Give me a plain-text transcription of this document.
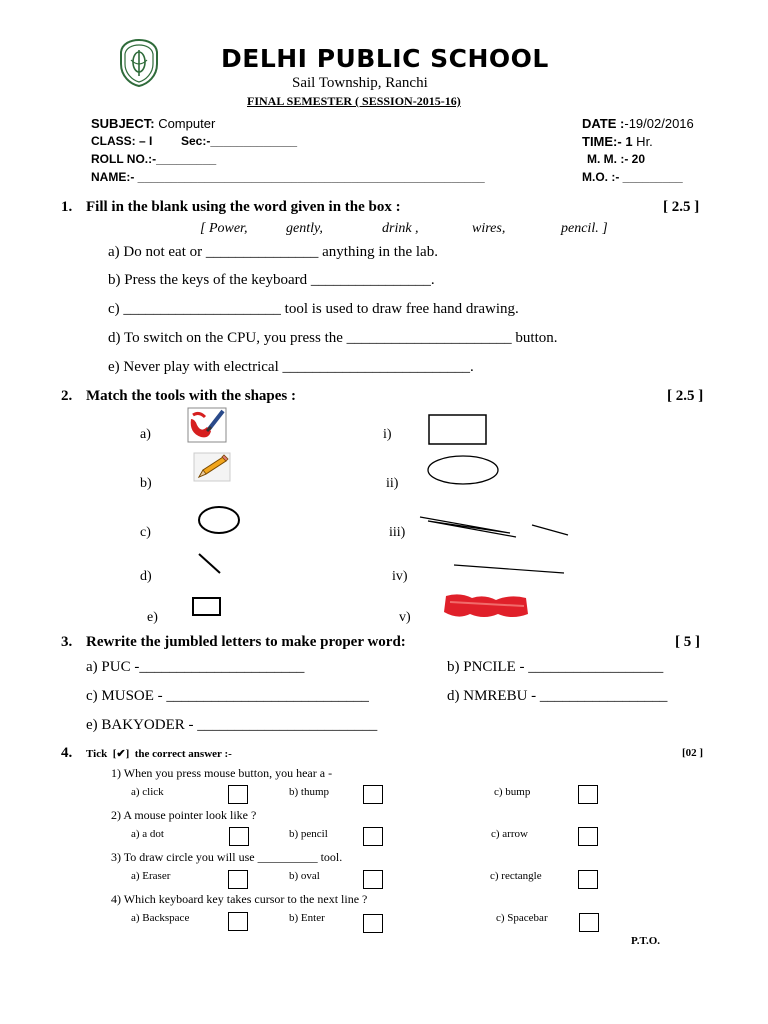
DELHI PUBLIC SCHOOL
Sail Township, Ranchi
FINAL SEMESTER ( SESSION-2015-16)
SUBJECT: Computer	DATE :-19/02/2016
CLASS: – I Sec:-_____________	TIME:- 1 Hr.
ROLL NO.:-_________	M. M. :- 20
NAME:- ____________________________________________________	M.O. :- _________
1. Fill in the blank using the word given in the box :	[ 2.5 ]
[ Power,	gently,	drink ,	wires,	pencil. ]
a) Do not eat or _______________ anything in the lab.
b) Press the keys of the keyboard ________________.
c) _____________________ tool is used to draw free hand drawing.
d) To switch on the CPU, you press the ______________________ button.
e) Never play with electrical _________________________.
2. Match the tools with the shapes :	[ 2.5 ]
a)
b)
c)
d)
e)
i)
ii)
iii)
iv)
v)
3. Rewrite the jumbled letters to make proper word:	[ 5 ]
a) PUC -______________________	b) PNCILE - __________________
c) MUSOE - ___________________________	d) NMREBU - _________________
e) BAKYODER - ________________________
4. Tick [✔] the correct answer :-	[02 ]
1) When you press mouse button, you hear a -
a) click	b) thump	c) bump
2) A mouse pointer look like ?
a) a dot	b) pencil	c) arrow
3) To draw circle you will use __________ tool.
a) Eraser	b) oval	c) rectangle
4) Which keyboard key takes cursor to the next line ?
a) Backspace	b) Enter	c) Spacebar
P.T.O.
